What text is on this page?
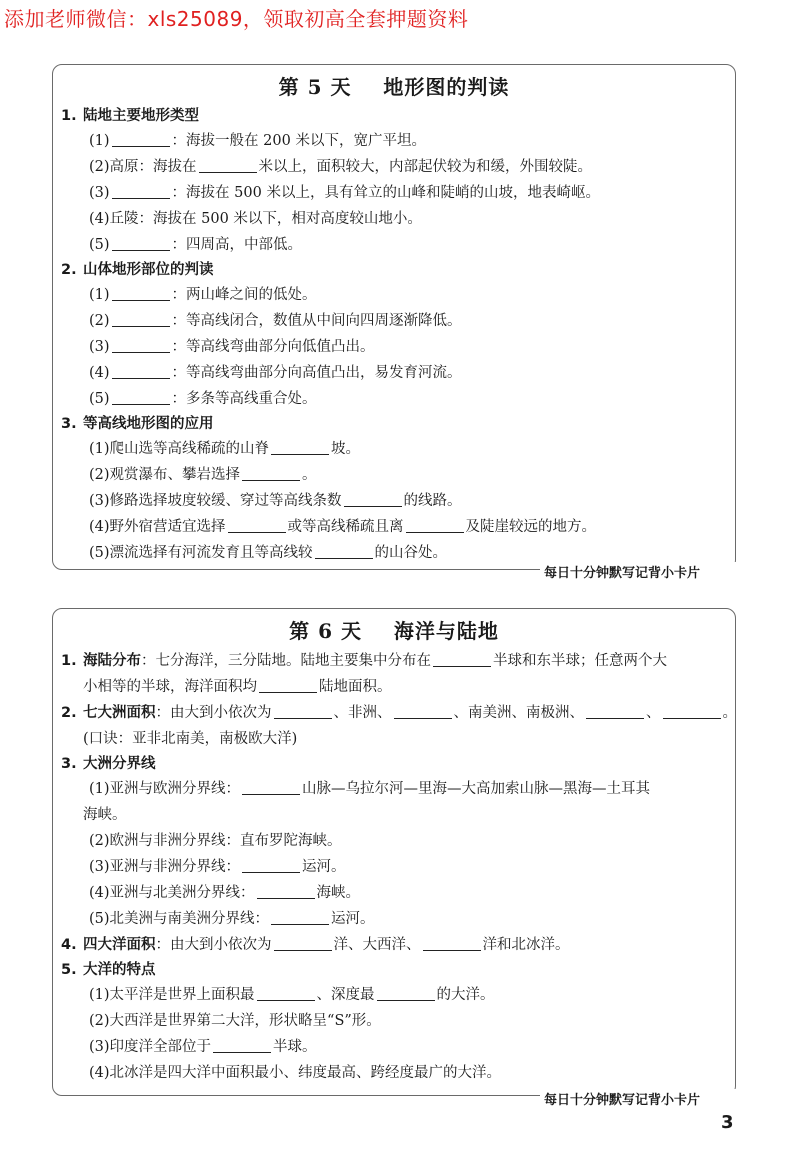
添加老师微信：xls25089，领取初高全套押题资料
第 5 天    地形图的判读
1. 陆地主要地形类型
(1)	：海拔一般在 200 米以下，宽广平坦。
(2)高原：海拔在	米以上，面积较大，内部起伏较为和缓，外围较陡。
(3)	：海拔在 500 米以上，具有耸立的山峰和陡峭的山坡，地表崎岖。
(4)丘陵：海拔在 500 米以下，相对高度较山地小。
(5)	：四周高，中部低。
2. 山体地形部位的判读
(1)	：两山峰之间的低处。
(2)	：等高线闭合，数值从中间向四周逐渐降低。
(3)	：等高线弯曲部分向低值凸出。
(4)	：等高线弯曲部分向高值凸出，易发育河流。
(5)	：多条等高线重合处。
3. 等高线地形图的应用
(1)爬山选等高线稀疏的山脊	坡。
(2)观赏瀑布、攀岩选择	。
(3)修路选择坡度较缓、穿过等高线条数	的线路。
(4)野外宿营适宜选择	或等高线稀疏且离	及陡崖较远的地方。
(5)漂流选择有河流发育且等高线较	的山谷处。
每日十分钟默写记背小卡片
第 6 天    海洋与陆地
1. 海陆分布：七分海洋，三分陆地。陆地主要集中分布在	半球和东半球；任意两个大
小相等的半球，海洋面积均	陆地面积。
2. 七大洲面积：由大到小依次为	、非洲、	、南美洲、南极洲、	、	。
(口诀：亚非北南美，南极欧大洋)
3. 大洲分界线
(1)亚洲与欧洲分界线：	山脉—乌拉尔河—里海—大高加索山脉—黑海—土耳其
海峡。
(2)欧洲与非洲分界线：直布罗陀海峡。
(3)亚洲与非洲分界线：	运河。
(4)亚洲与北美洲分界线：	海峡。
(5)北美洲与南美洲分界线：	运河。
4. 四大洋面积：由大到小依次为	洋、大西洋、	洋和北冰洋。
5. 大洋的特点
(1)太平洋是世界上面积最	、深度最	的大洋。
(2)大西洋是世界第二大洋，形状略呈“S”形。
(3)印度洋全部位于	半球。
(4)北冰洋是四大洋中面积最小、纬度最高、跨经度最广的大洋。
每日十分钟默写记背小卡片
3
